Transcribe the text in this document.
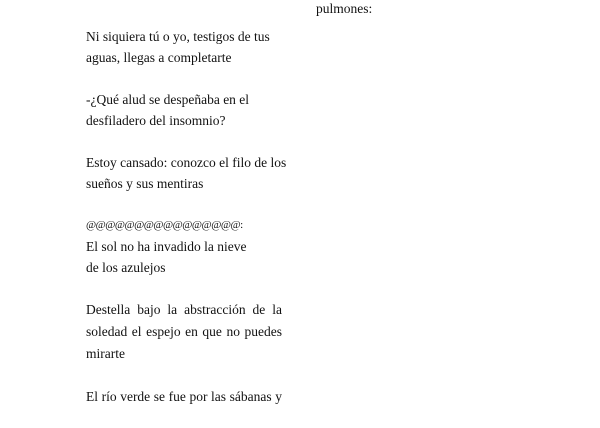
pulmones:
Ni siquiera tú o yo, testigos de tus
aguas, llegas a completarte
-¿Qué alud se despeñaba en el
desfiladero del insomnio?
Estoy cansado: conozco el filo de los
sueños y sus mentiras
@@@@@@@@@@@@@@@@:
El sol no ha invadido la nieve
de los azulejos
Destella bajo la abstracción de la
soledad el espejo en que no puedes
mirarte
El río verde se fue por las sábanas y
